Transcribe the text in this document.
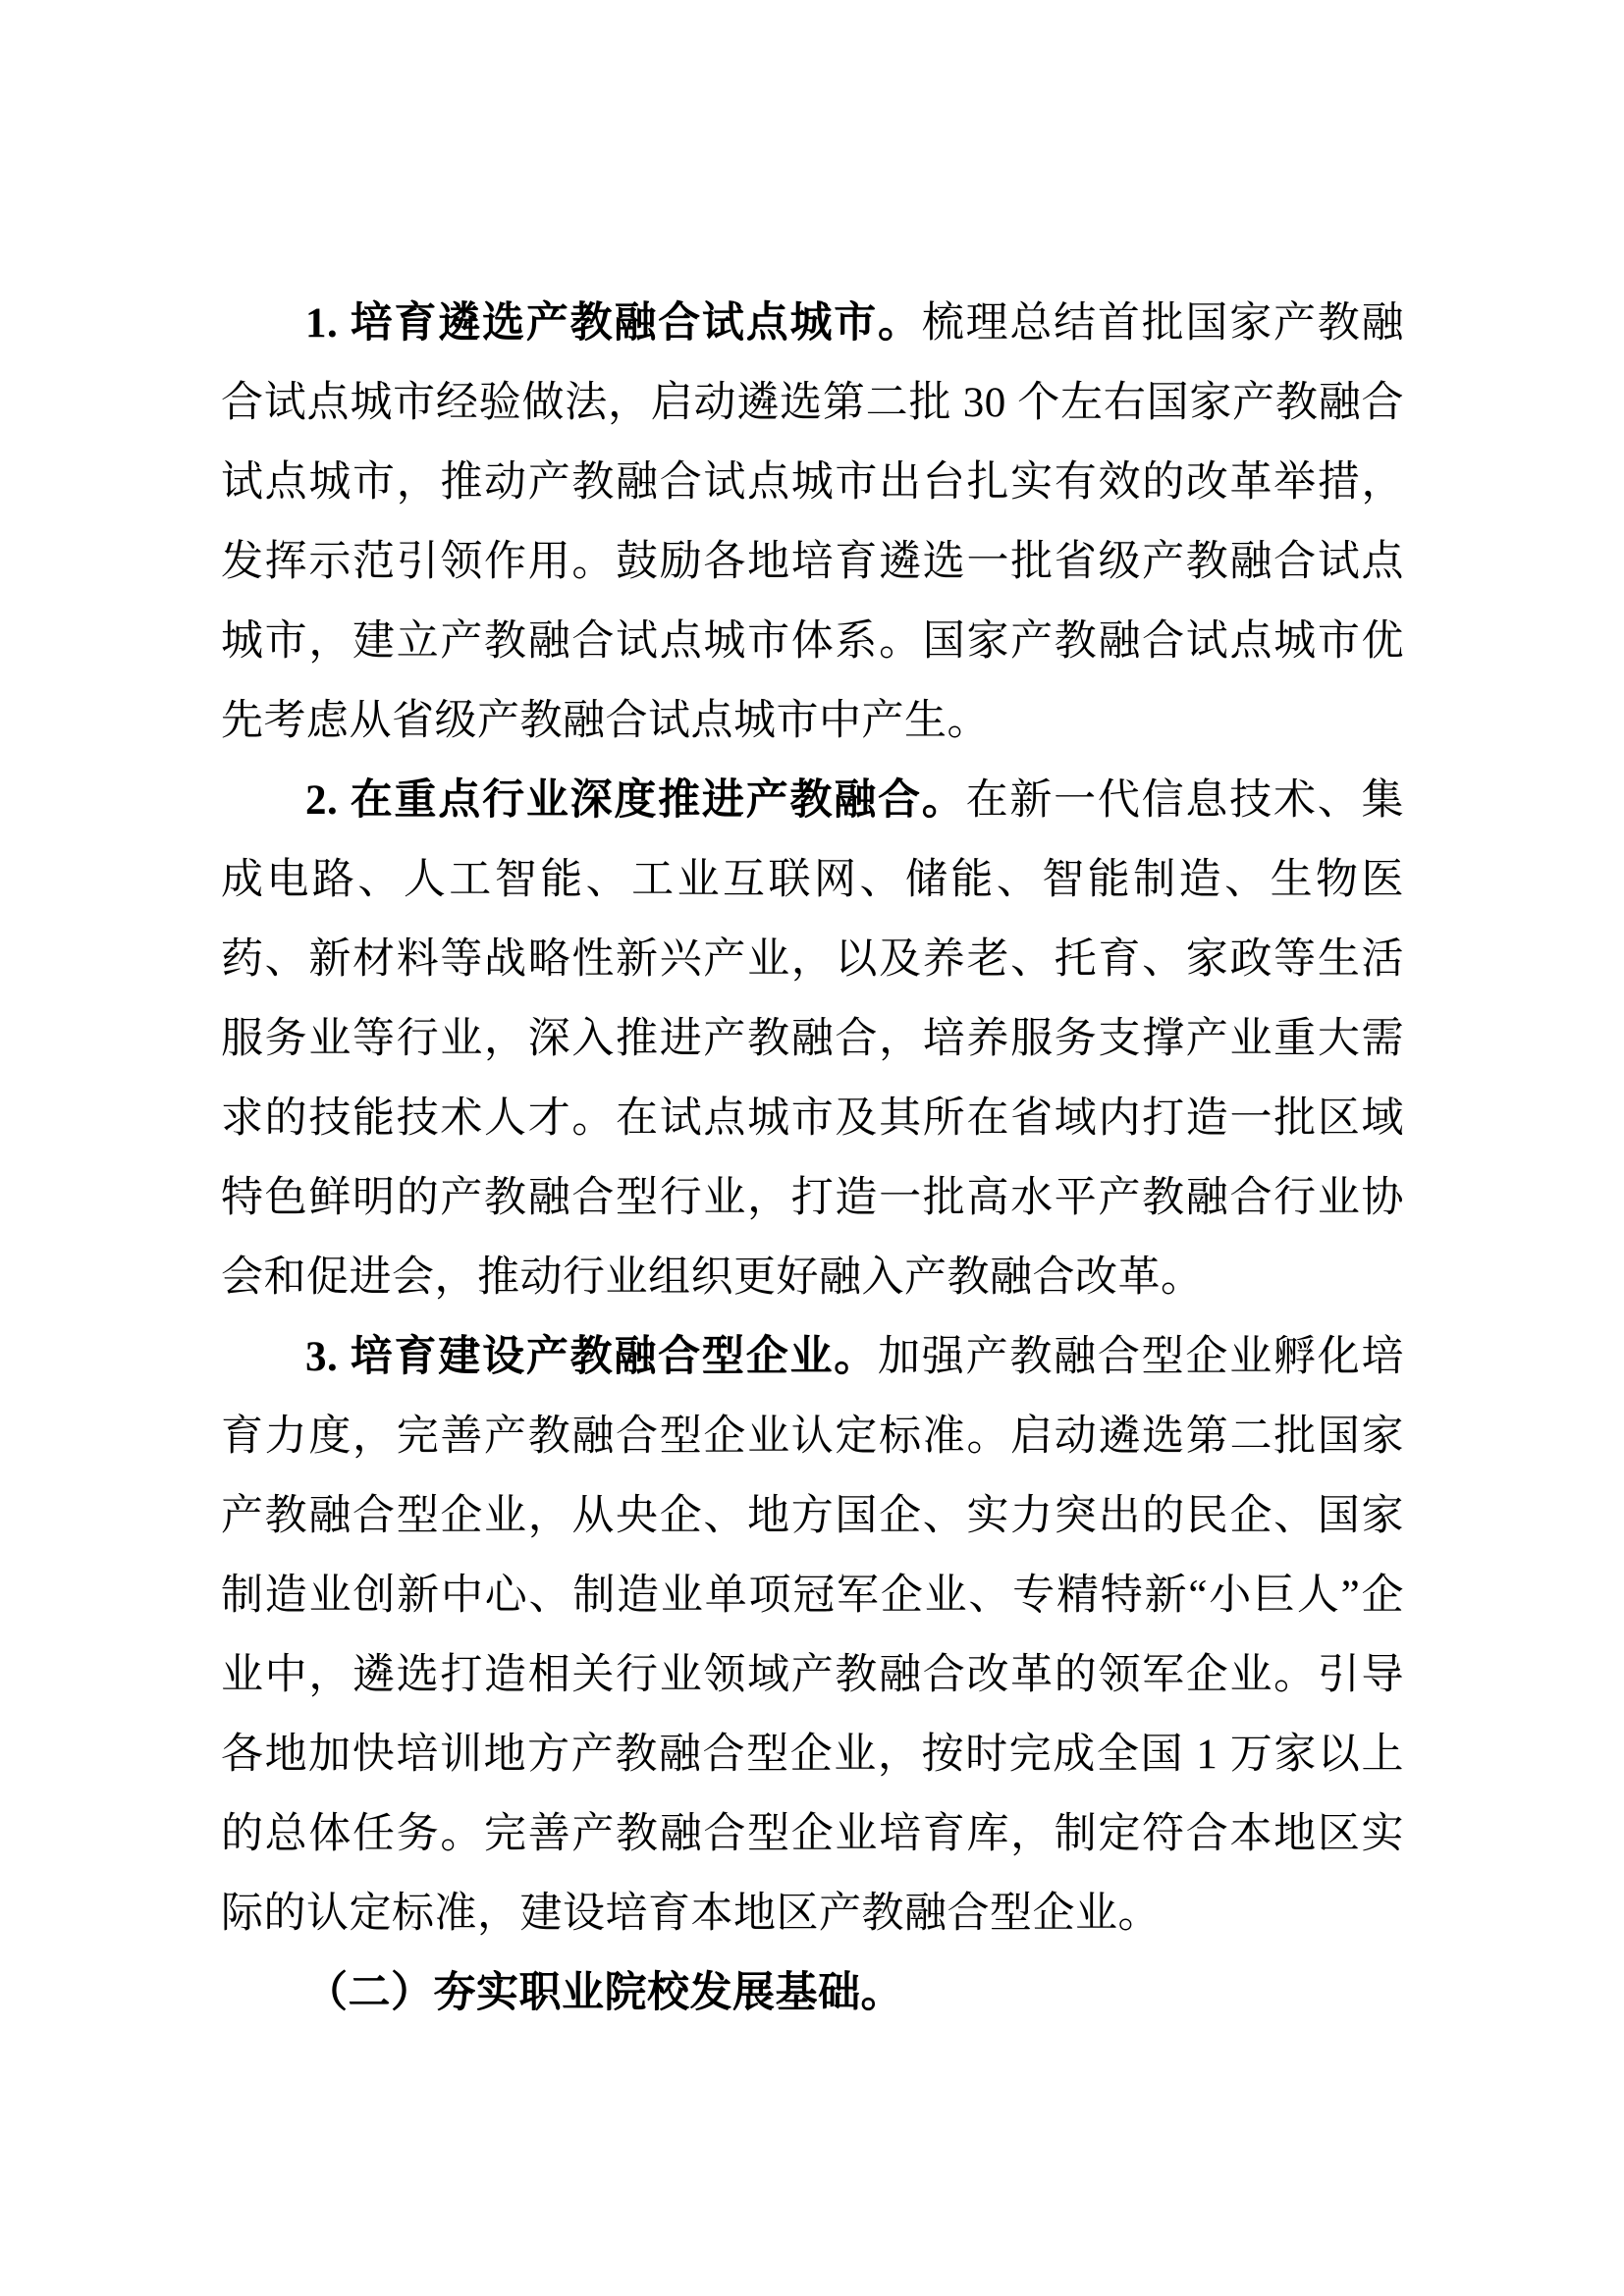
1. 培育遴选产教融合试点城市。梳理总结首批国家产教融合试点城市经验做法，启动遴选第二批 30 个左右国家产教融合试点城市，推动产教融合试点城市出台扎实有效的改革举措，发挥示范引领作用。鼓励各地培育遴选一批省级产教融合试点城市，建立产教融合试点城市体系。国家产教融合试点城市优先考虑从省级产教融合试点城市中产生。

2. 在重点行业深度推进产教融合。在新一代信息技术、集成电路、人工智能、工业互联网、储能、智能制造、生物医药、新材料等战略性新兴产业，以及养老、托育、家政等生活服务业等行业，深入推进产教融合，培养服务支撑产业重大需求的技能技术人才。在试点城市及其所在省域内打造一批区域特色鲜明的产教融合型行业，打造一批高水平产教融合行业协会和促进会，推动行业组织更好融入产教融合改革。

3. 培育建设产教融合型企业。加强产教融合型企业孵化培育力度，完善产教融合型企业认定标准。启动遴选第二批国家产教融合型企业，从央企、地方国企、实力突出的民企、国家制造业创新中心、制造业单项冠军企业、专精特新“小巨人”企业中，遴选打造相关行业领域产教融合改革的领军企业。引导各地加快培训地方产教融合型企业，按时完成全国 1 万家以上的总体任务。完善产教融合型企业培育库，制定符合本地区实际的认定标准，建设培育本地区产教融合型企业。

（二）夯实职业院校发展基础。
